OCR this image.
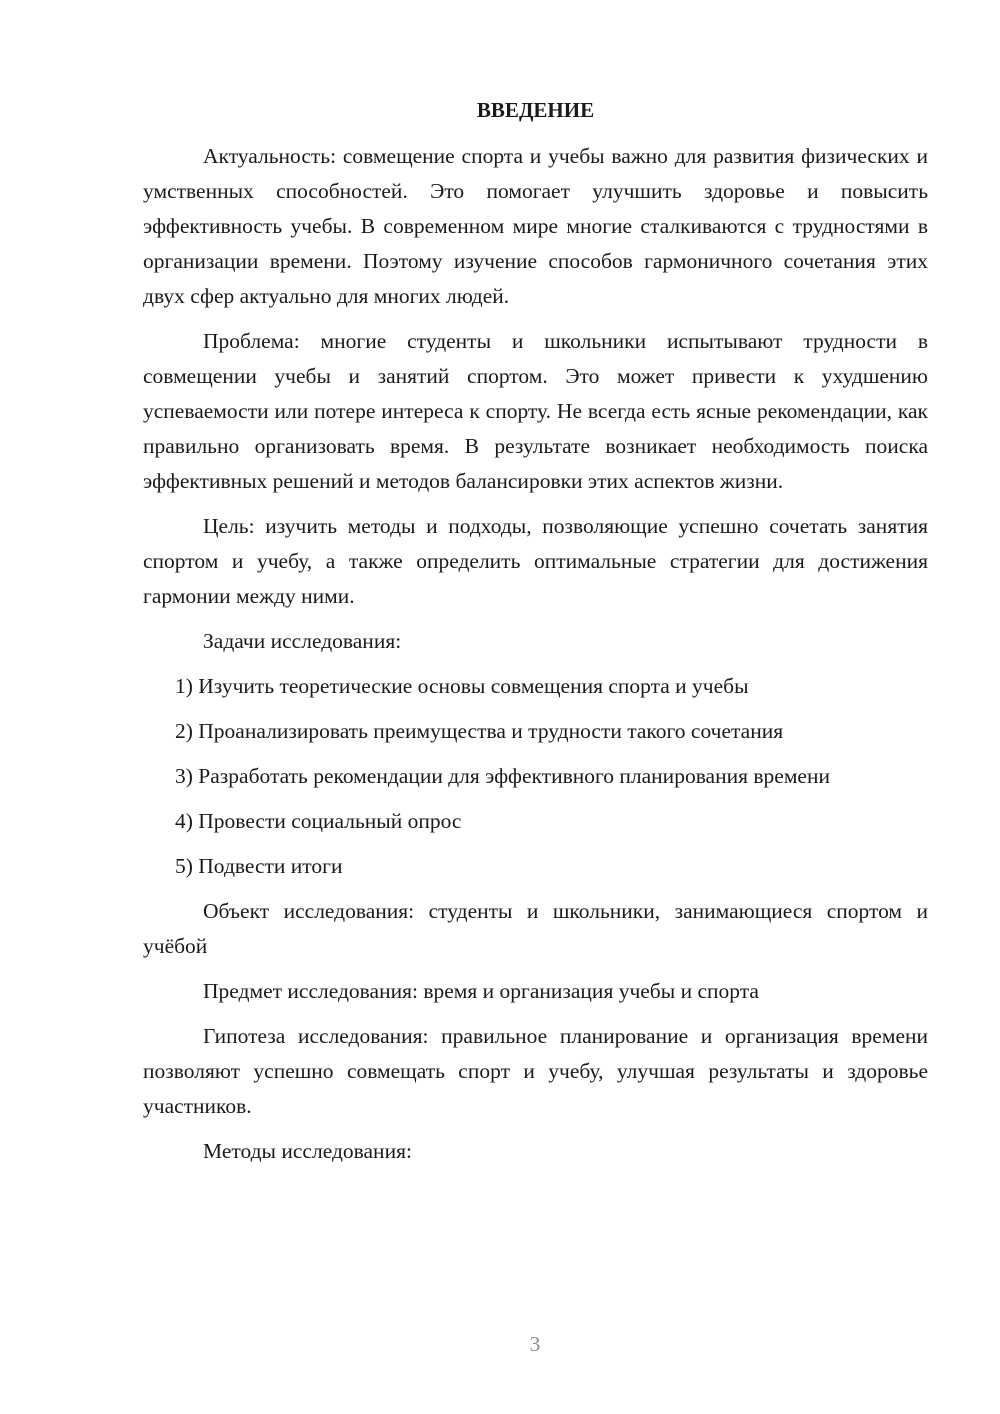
ВВЕДЕНИЕ

Актуальность: совмещение спорта и учебы важно для развития физических и умственных способностей. Это помогает улучшить здоровье и повысить эффективность учебы. В современном мире многие сталкиваются с трудностями в организации времени. Поэтому изучение способов гармоничного сочетания этих двух сфер актуально для многих людей.

Проблема: многие студенты и школьники испытывают трудности в совмещении учебы и занятий спортом. Это может привести к ухудшению успеваемости или потере интереса к спорту. Не всегда есть ясные рекомендации, как правильно организовать время. В результате возникает необходимость поиска эффективных решений и методов балансировки этих аспектов жизни.

Цель: изучить методы и подходы, позволяющие успешно сочетать занятия спортом и учебу, а также определить оптимальные стратегии для достижения гармонии между ними.

Задачи исследования:

1) Изучить теоретические основы совмещения спорта и учебы

2) Проанализировать преимущества и трудности такого сочетания

3) Разработать рекомендации для эффективного планирования времени

4) Провести социальный опрос

5) Подвести итоги

Объект исследования: студенты и школьники, занимающиеся спортом и учёбой

Предмет исследования: время и организация учебы и спорта

Гипотеза исследования: правильное планирование и организация времени позволяют успешно совмещать спорт и учебу, улучшая результаты и здоровье участников.

Методы исследования:

3
